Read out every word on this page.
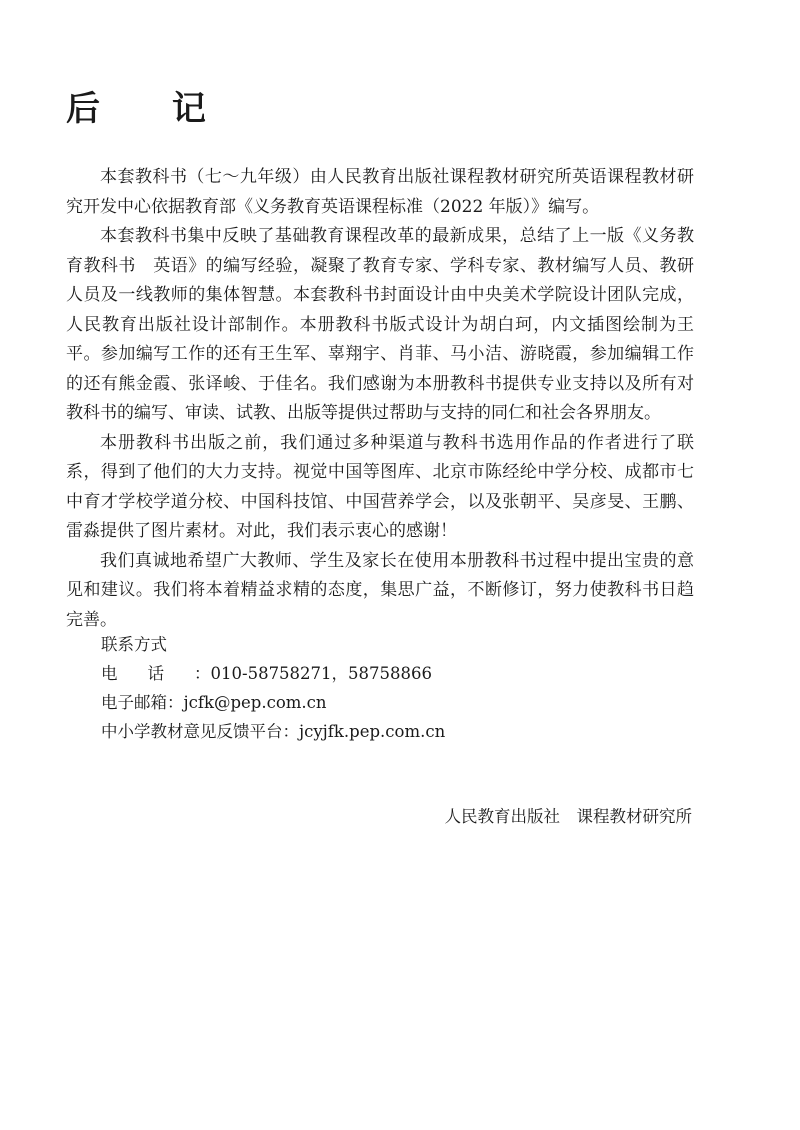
后 记

本套教科书（七～九年级）由人民教育出版社课程教材研究所英语课程教材研究开发中心依据教育部《义务教育英语课程标准（2022 年版）》编写。

本套教科书集中反映了基础教育课程改革的最新成果，总结了上一版《义务教育教科书　英语》的编写经验，凝聚了教育专家、学科专家、教材编写人员、教研人员及一线教师的集体智慧。本套教科书封面设计由中央美术学院设计团队完成，人民教育出版社设计部制作。本册教科书版式设计为胡白珂，内文插图绘制为王平。参加编写工作的还有王生军、辜翔宇、肖菲、马小洁、游晓霞，参加编辑工作的还有熊金霞、张译峻、于佳名。我们感谢为本册教科书提供专业支持以及所有对教科书的编写、审读、试教、出版等提供过帮助与支持的同仁和社会各界朋友。

本册教科书出版之前，我们通过多种渠道与教科书选用作品的作者进行了联系，得到了他们的大力支持。视觉中国等图库、北京市陈经纶中学分校、成都市七中育才学校学道分校、中国科技馆、中国营养学会，以及张朝平、吴彦旻、王鹏、雷淼提供了图片素材。对此，我们表示衷心的感谢！

我们真诚地希望广大教师、学生及家长在使用本册教科书过程中提出宝贵的意见和建议。我们将本着精益求精的态度，集思广益，不断修订，努力使教科书日趋完善。

联系方式

电话：010-58758271，58758866

电子邮箱：jcfk@pep.com.cn

中小学教材意见反馈平台：jcyjfk.pep.com.cn

人民教育出版社　课程教材研究所
